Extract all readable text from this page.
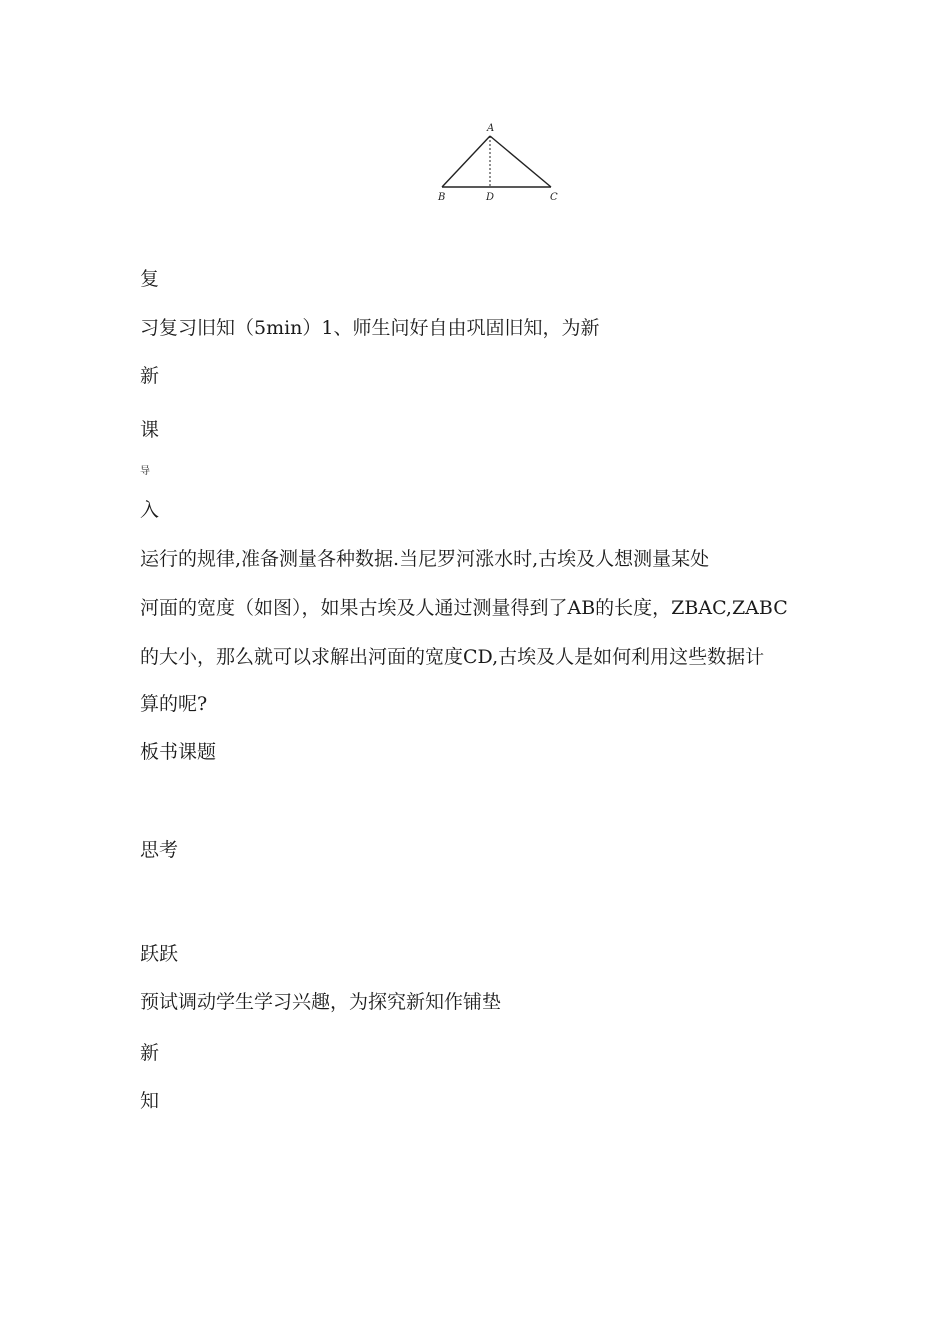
A
B	D	C
复
习复习旧知（5min）1、师生问好自由巩固旧知，为新
新
课
导
入
运行的规律,准备测量各种数据.当尼罗河涨水时,古埃及人想测量某处
河面的宽度（如图），如果古埃及人通过测量得到了AB的长度，ZBAC,ZABC
的大小，那么就可以求解出河面的宽度CD,古埃及人是如何利用这些数据计
算的呢?
板书课题
思考
跃跃
预试调动学生学习兴趣，为探究新知作铺垫
新
知
